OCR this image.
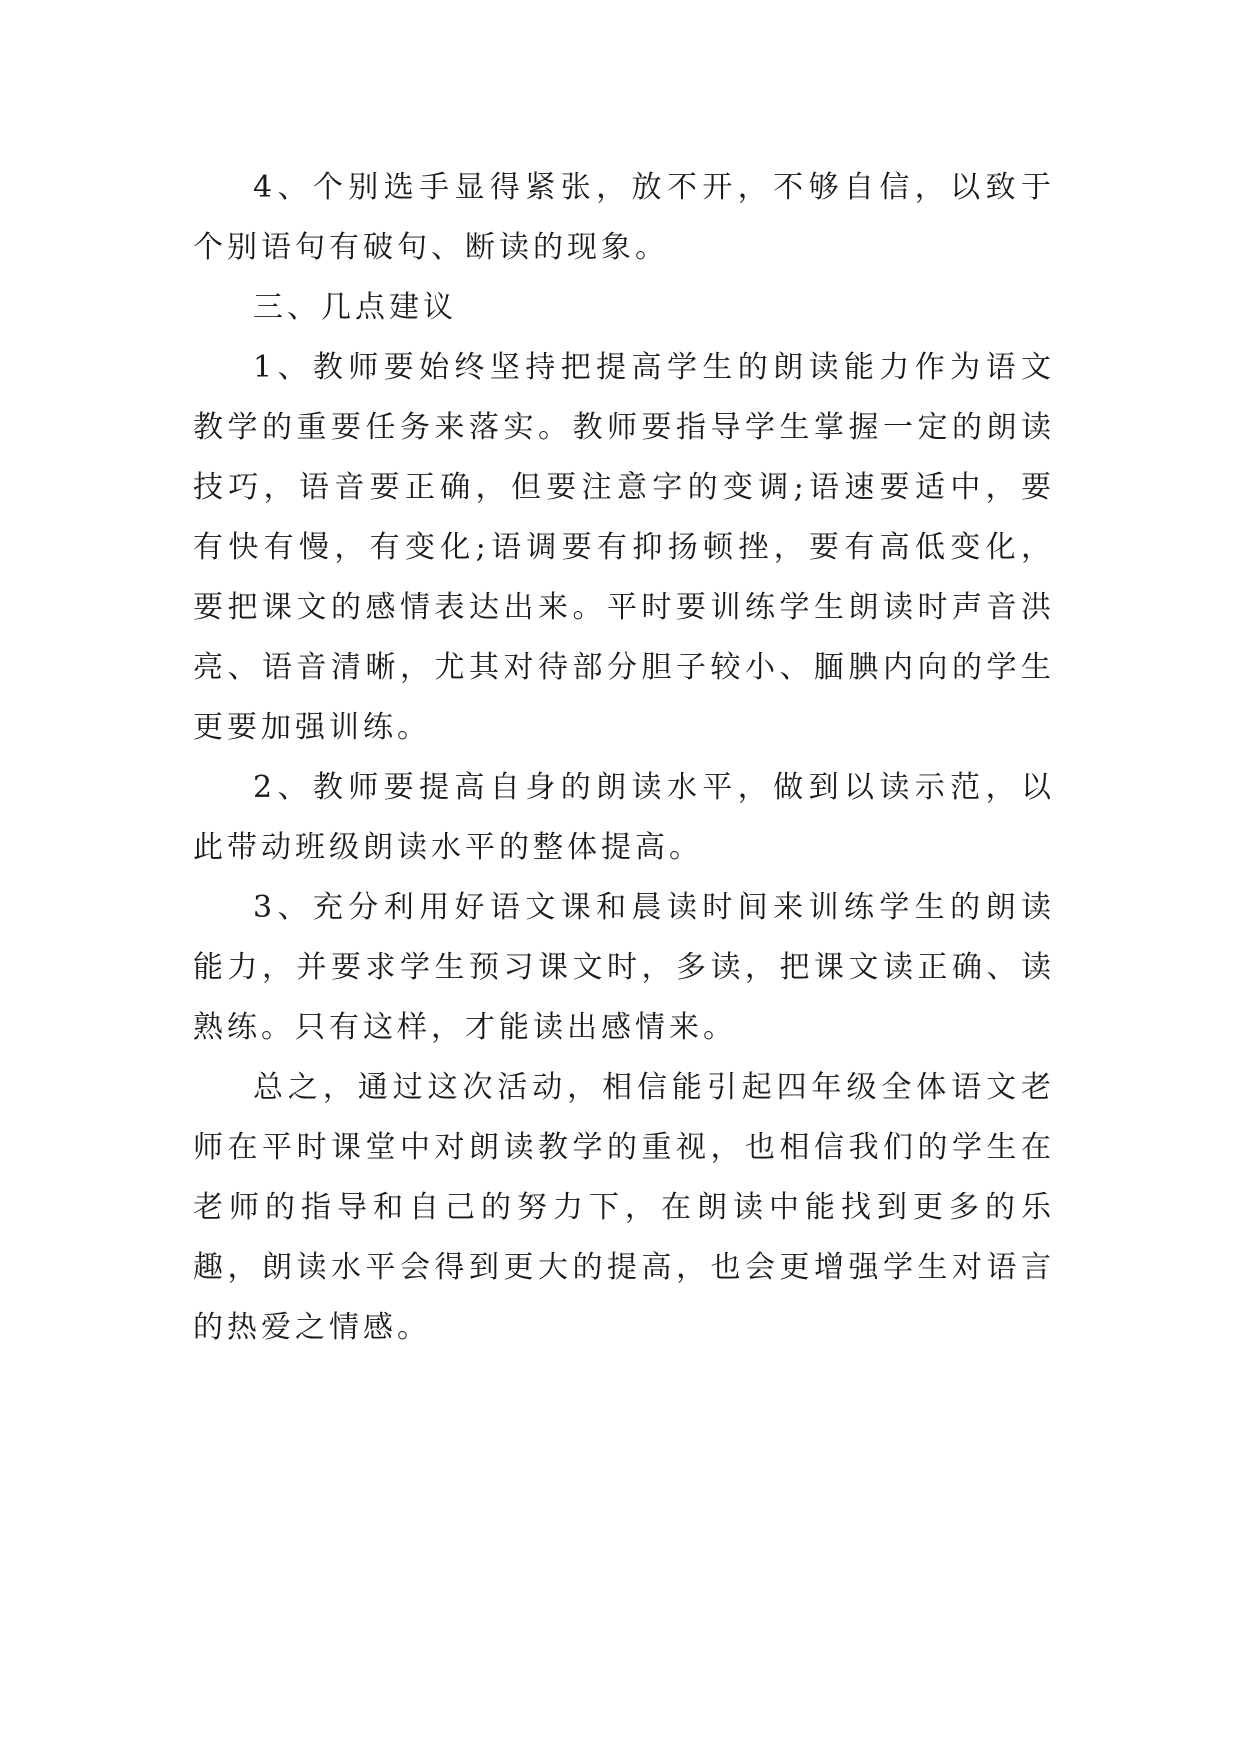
4、个别选手显得紧张，放不开，不够自信，以致于个别语句有破句、断读的现象。

三、几点建议

1、教师要始终坚持把提高学生的朗读能力作为语文教学的重要任务来落实。教师要指导学生掌握一定的朗读技巧，语音要正确，但要注意字的变调;语速要适中，要有快有慢，有变化;语调要有抑扬顿挫，要有高低变化，要把课文的感情表达出来。平时要训练学生朗读时声音洪亮、语音清晰，尤其对待部分胆子较小、腼腆内向的学生更要加强训练。

2、教师要提高自身的朗读水平，做到以读示范，以此带动班级朗读水平的整体提高。

3、充分利用好语文课和晨读时间来训练学生的朗读能力，并要求学生预习课文时，多读，把课文读正确、读熟练。只有这样，才能读出感情来。

总之，通过这次活动，相信能引起四年级全体语文老师在平时课堂中对朗读教学的重视，也相信我们的学生在老师的指导和自己的努力下，在朗读中能找到更多的乐趣，朗读水平会得到更大的提高，也会更增强学生对语言的热爱之情感。
